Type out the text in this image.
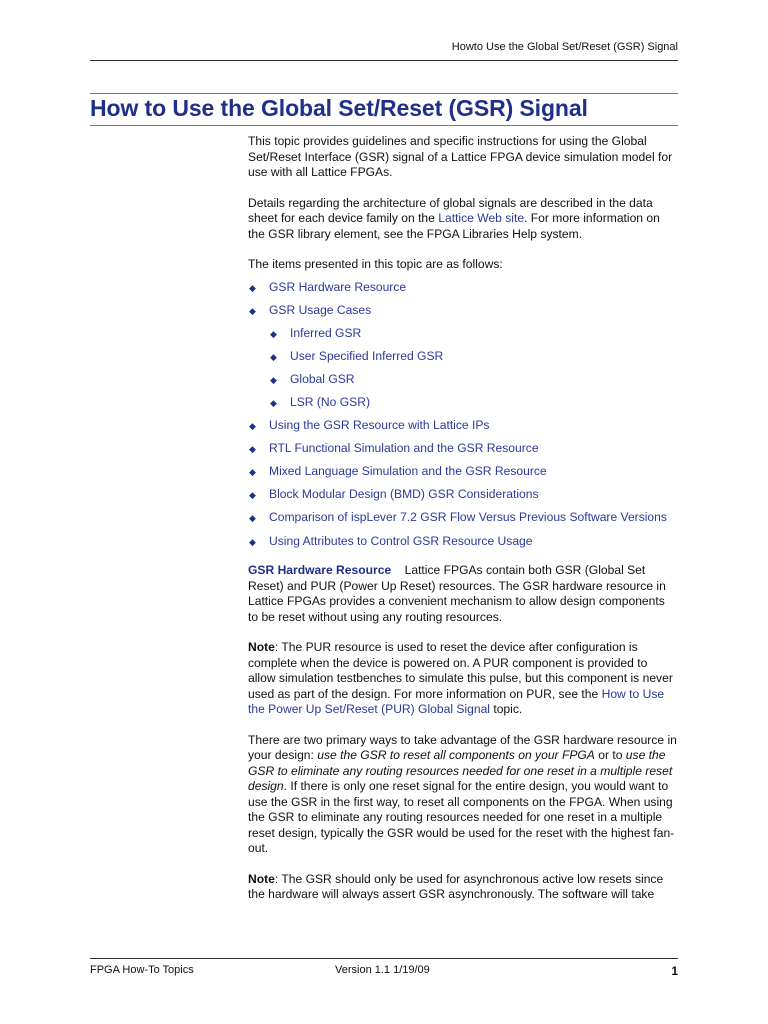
Howto Use the Global Set/Reset (GSR) Signal
How to Use the Global Set/Reset (GSR) Signal

This topic provides guidelines and specific instructions for using the Global Set/Reset Interface (GSR) signal of a Lattice FPGA device simulation model for use with all Lattice FPGAs.

Details regarding the architecture of global signals are described in the data sheet for each device family on the Lattice Web site. For more information on the GSR library element, see the FPGA Libraries Help system.

The items presented in this topic are as follows:

◆ GSR Hardware Resource
◆ GSR Usage Cases
◆ Inferred GSR
◆ User Specified Inferred GSR
◆ Global GSR
◆ LSR (No GSR)
◆ Using the GSR Resource with Lattice IPs
◆ RTL Functional Simulation and the GSR Resource
◆ Mixed Language Simulation and the GSR Resource
◆ Block Modular Design (BMD) GSR Considerations
◆ Comparison of ispLever 7.2 GSR Flow Versus Previous Software Versions
◆ Using Attributes to Control GSR Resource Usage

GSR Hardware Resource Lattice FPGAs contain both GSR (Global Set Reset) and PUR (Power Up Reset) resources. The GSR hardware resource in Lattice FPGAs provides a convenient mechanism to allow design components to be reset without using any routing resources.

Note: The PUR resource is used to reset the device after configuration is complete when the device is powered on. A PUR component is provided to allow simulation testbenches to simulate this pulse, but this component is never used as part of the design. For more information on PUR, see the How to Use the Power Up Set/Reset (PUR) Global Signal topic.

There are two primary ways to take advantage of the GSR hardware resource in your design: use the GSR to reset all components on your FPGA or to use the GSR to eliminate any routing resources needed for one reset in a multiple reset design. If there is only one reset signal for the entire design, you would want to use the GSR in the first way, to reset all components on the FPGA. When using the GSR to eliminate any routing resources needed for one reset in a multiple reset design, typically the GSR would be used for the reset with the highest fan-out.

Note: The GSR should only be used for asynchronous active low resets since the hardware will always assert GSR asynchronously. The software will take

FPGA How-To Topics	Version 1.1 1/19/09	1
